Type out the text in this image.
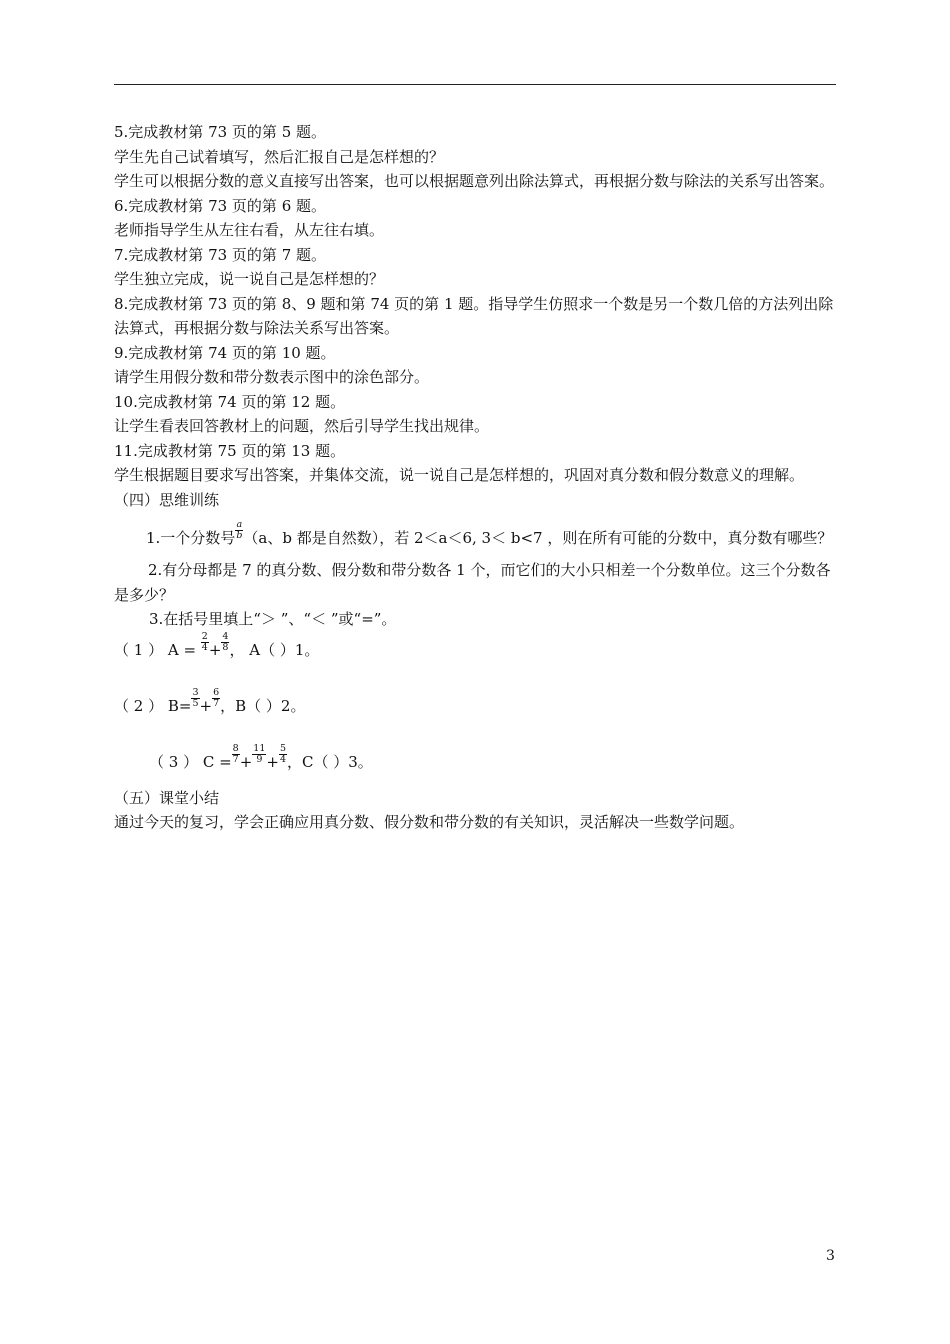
5.完成教材第 73 页的第 5 题。

学生先自己试着填写，然后汇报自己是怎样想的？

学生可以根据分数的意义直接写出答案，也可以根据题意列出除法算式，再根据分数与除法的关系写出答案。

6.完成教材第 73 页的第 6 题。

老师指导学生从左往右看，从左往右填。

7.完成教材第 73 页的第 7 题。

学生独立完成，说一说自己是怎样想的？

8.完成教材第 73 页的第 8、9 题和第 74 页的第 1 题。指导学生仿照求一个数是另一个数几倍的方法列出除法算式，再根据分数与除法关系写出答案。

9.完成教材第 74 页的第 10 题。

请学生用假分数和带分数表示图中的涂色部分。

10.完成教材第 74 页的第 12 题。

让学生看表回答教材上的问题，然后引导学生找出规律。

11.完成教材第 75 页的第 13 题。

学生根据题目要求写出答案，并集体交流，说一说自己是怎样想的，巩固对真分数和假分数意义的理解。

（四）思维训练

1.一个分数号 $\frac{a}{b} (a$、b 都是自然数），若 2＜a＜6, 3＜ b<7 ，则在所有可能的分数中，真分数有哪些？

2.有分母都是 7 的真分数、假分数和带分数各 1 个，而它们的大小只相差一个分数单位。这三个分数各是多少？

3.在括号里填上“＞ ”、“＜ ”或“=”。

（ 1 ） $A = \frac{2}{4} + \frac{4}{8}$ ， A（ ）1。

（ 2 ） $B= \frac{3}{5} + \frac{6}{7}$ ，B（ ）2。

（ 3 ） $C = \frac{8}{7} + \frac{11}{9} + \frac{5}{4}$ ，C（ ）3。

（五）课堂小结

通过今天的复习，学会正确应用真分数、假分数和带分数的有关知识，灵活解决一些数学问题。

3
